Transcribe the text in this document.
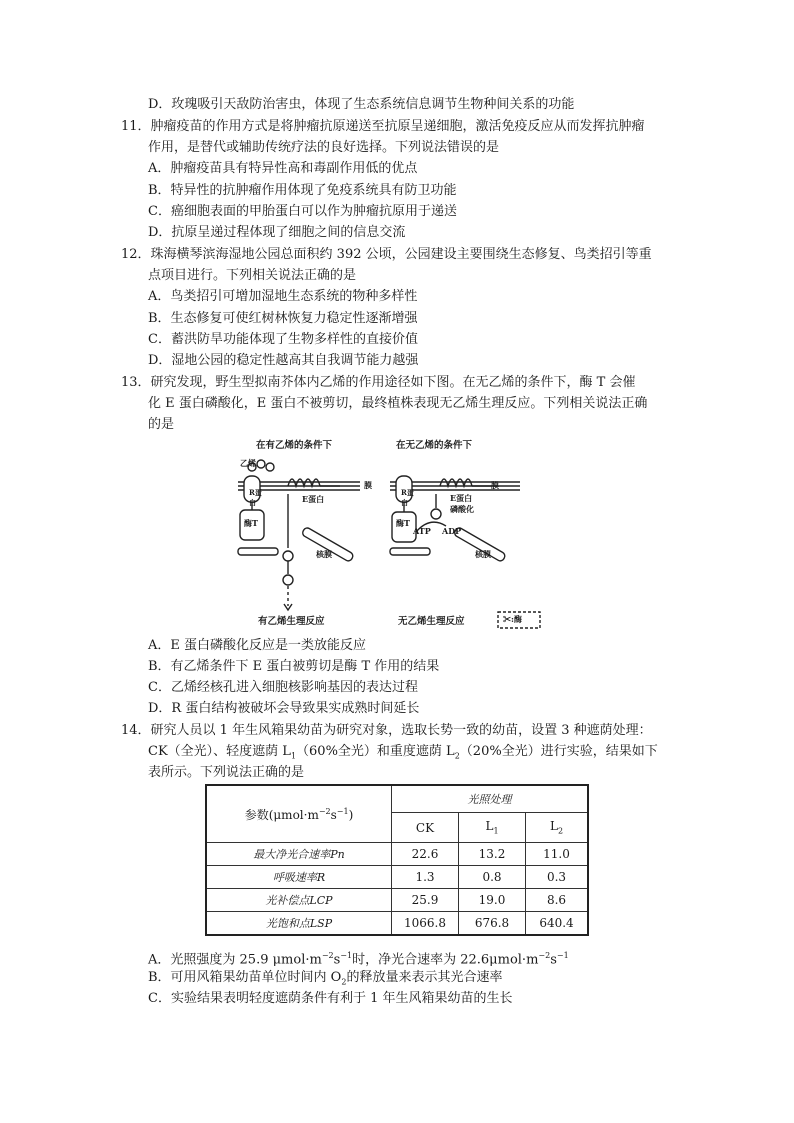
D．玫瑰吸引天敌防治害虫，体现了生态系统信息调节生物种间关系的功能
11．肿瘤疫苗的作用方式是将肿瘤抗原递送至抗原呈递细胞，激活免疫反应从而发挥抗肿瘤
作用，是替代或辅助传统疗法的良好选择。下列说法错误的是
A．肿瘤疫苗具有特异性高和毒副作用低的优点
B．特异性的抗肿瘤作用体现了免疫系统具有防卫功能
C．癌细胞表面的甲胎蛋白可以作为肿瘤抗原用于递送
D．抗原呈递过程体现了细胞之间的信息交流
12．珠海横琴滨海湿地公园总面积约 392 公顷，公园建设主要围绕生态修复、鸟类招引等重
点项目进行。下列相关说法正确的是
A．鸟类招引可增加湿地生态系统的物种多样性
B．生态修复可使红树林恢复力稳定性逐渐增强
C．蓄洪防旱功能体现了生物多样性的直接价值
D．湿地公园的稳定性越高其自我调节能力越强
13．研究发现，野生型拟南芥体内乙烯的作用途径如下图。在无乙烯的条件下，酶 T 会催
化 E 蛋白磷酸化，E 蛋白不被剪切，最终植株表现无乙烯生理反应。下列相关说法正确
的是
在有乙烯的条件下	在无乙烯的条件下
乙烯
R蛋白	E蛋白
膜
酶T
核膜
有乙烯生理反应
R蛋白	E蛋白
磷酸化
膜
酶T
ATP ADP
核膜
无乙烯生理反应	✂:酶
A．E 蛋白磷酸化反应是一类放能反应
B．有乙烯条件下 E 蛋白被剪切是酶 T 作用的结果
C．乙烯经核孔进入细胞核影响基因的表达过程
D．R 蛋白结构被破坏会导致果实成熟时间延长
14．研究人员以 1 年生风箱果幼苗为研究对象，选取长势一致的幼苗，设置 3 种遮荫处理：
CK（全光）、轻度遮荫 $L_1(60\%$全光）和重度遮荫 $L_2(20\%$全光）进行实验，结果如下
表所示。下列说法正确的是
参数$(\mu mol\cdot m^{-2}s^{-1})$	光照处理		
	CK	$L_1$	$L_2$
最大净光合速率Pn	22.6	13.2	11.0
呼吸速率R	1.3	0.8	0.3
光补偿点LCP	25.9	19.0	8.6
光饱和点LSP	1066.8	676.8	640.4
A．光照强度为 25.9 $\mu mol\cdot m^{-2}s^{-1}$时，净光合速率为 $22.6\mu mol\cdot m^{-2}s^{-1}$
B．可用风箱果幼苗单位时间内 $O_2$的释放量来表示其光合速率
C．实验结果表明轻度遮荫条件有利于 1 年生风箱果幼苗的生长
